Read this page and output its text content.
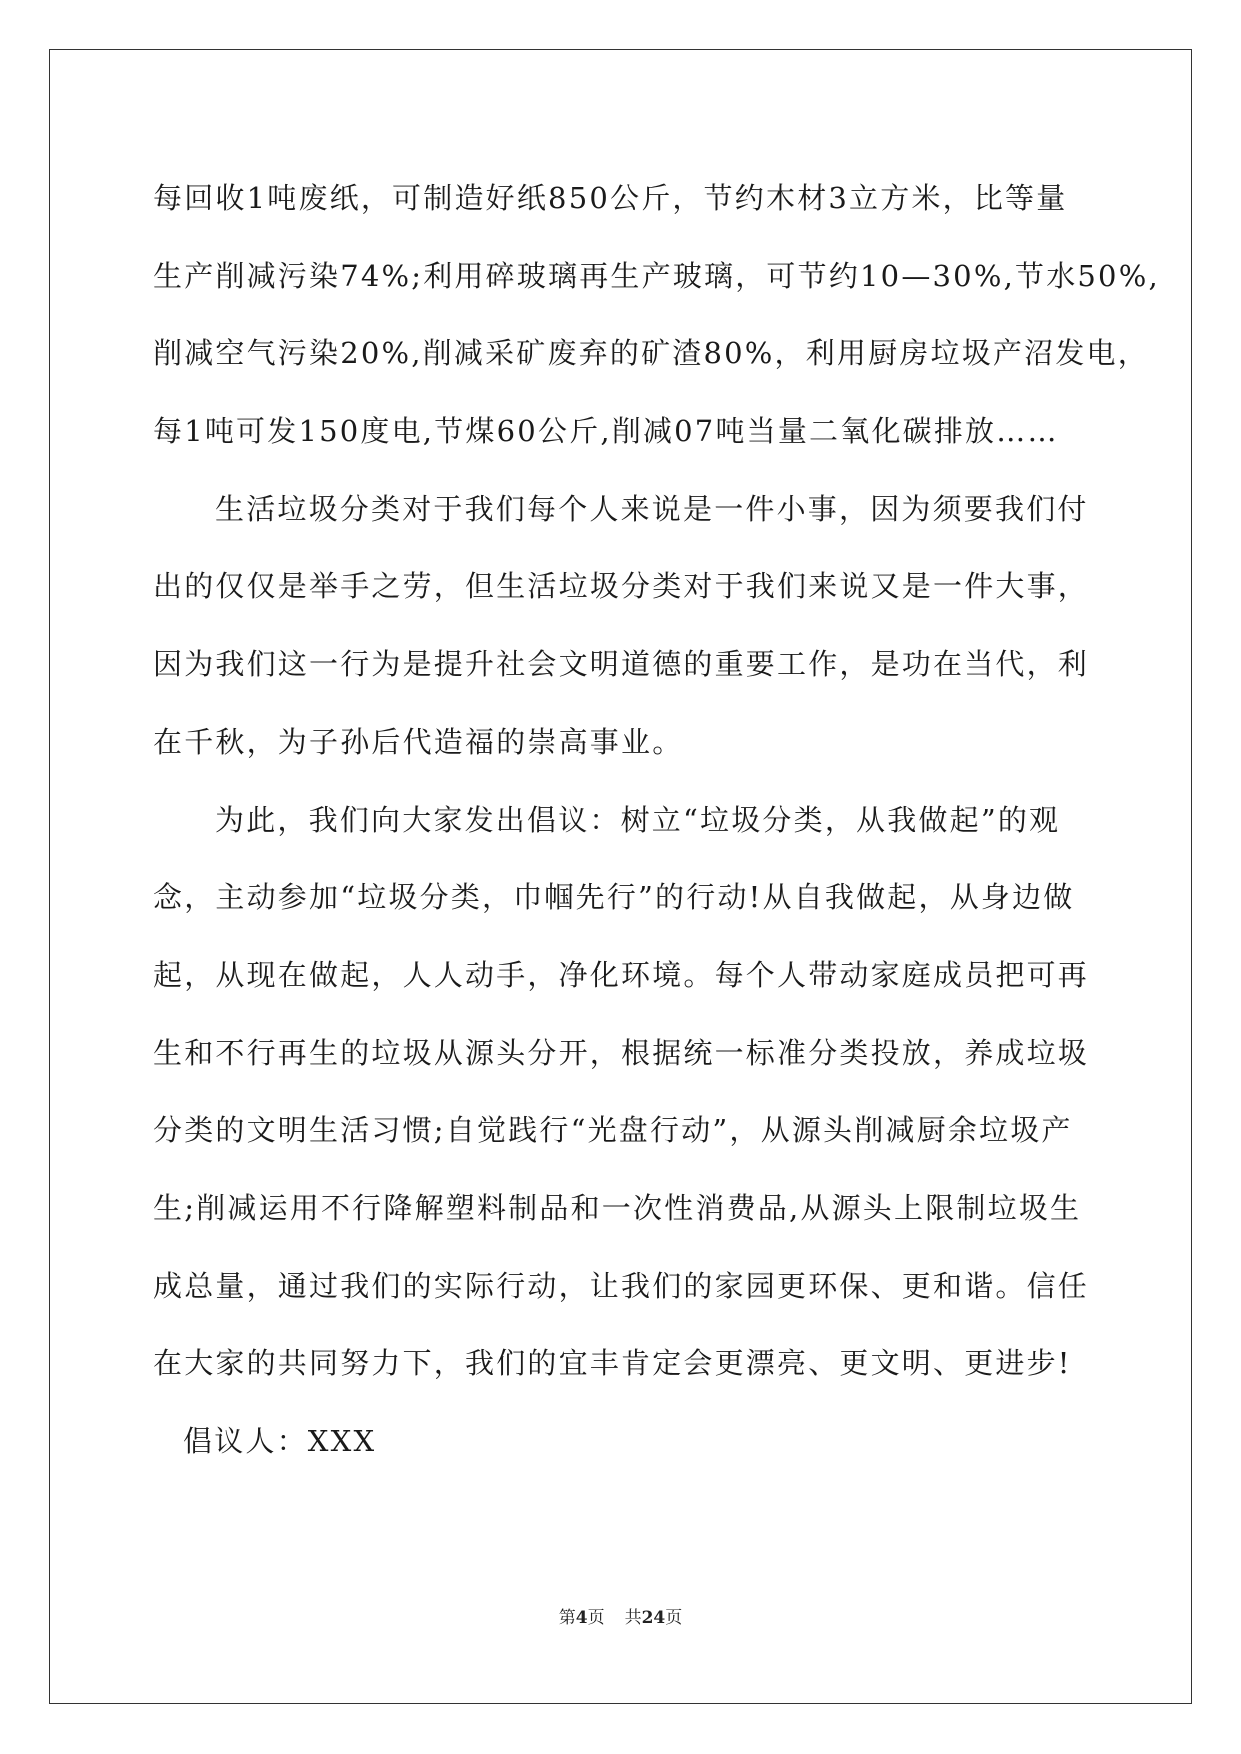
每回收1吨废纸，可制造好纸850公斤，节约木材3立方米，比等量
生产削减污染74%;利用碎玻璃再生产玻璃，可节约10—30%,节水50%,
削减空气污染20%,削减采矿废弃的矿渣80%，利用厨房垃圾产沼发电，
每1吨可发150度电,节煤60公斤,削减07吨当量二氧化碳排放……
生活垃圾分类对于我们每个人来说是一件小事，因为须要我们付
出的仅仅是举手之劳，但生活垃圾分类对于我们来说又是一件大事，
因为我们这一行为是提升社会文明道德的重要工作，是功在当代，利
在千秋，为子孙后代造福的崇高事业。
为此，我们向大家发出倡议：树立“垃圾分类，从我做起”的观
念，主动参加“垃圾分类，巾帼先行”的行动!从自我做起，从身边做
起，从现在做起，人人动手，净化环境。每个人带动家庭成员把可再
生和不行再生的垃圾从源头分开，根据统一标准分类投放，养成垃圾
分类的文明生活习惯;自觉践行“光盘行动”，从源头削减厨余垃圾产
生;削减运用不行降解塑料制品和一次性消费品,从源头上限制垃圾生
成总量，通过我们的实际行动，让我们的家园更环保、更和谐。信任
在大家的共同努力下，我们的宜丰肯定会更漂亮、更文明、更进步!
倡议人：XXX
第4页 共24页
